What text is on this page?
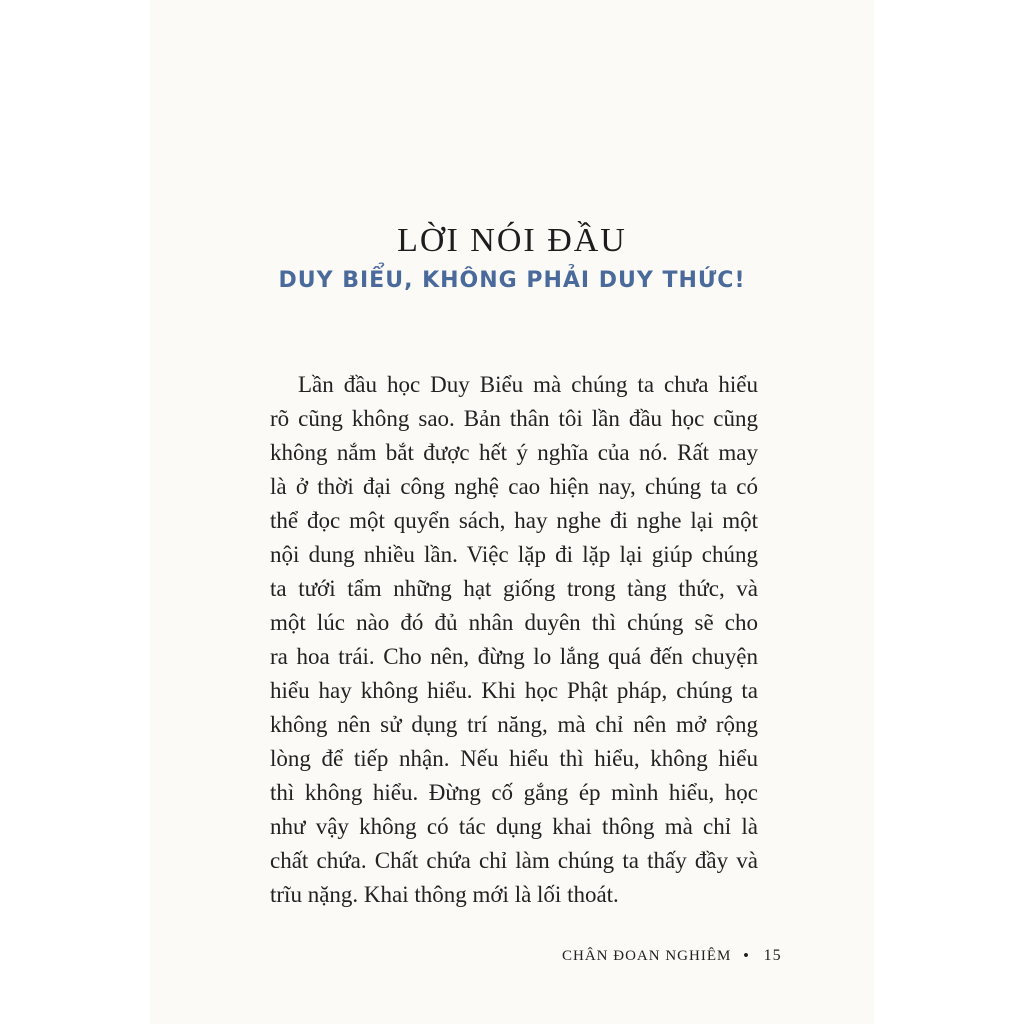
LỜI NÓI ĐẦU
DUY BIỂU, KHÔNG PHẢI DUY THỨC!
Lần đầu học Duy Biểu mà chúng ta chưa hiểu
rõ cũng không sao. Bản thân tôi lần đầu học cũng
không nắm bắt được hết ý nghĩa của nó. Rất may
là ở thời đại công nghệ cao hiện nay, chúng ta có
thể đọc một quyển sách, hay nghe đi nghe lại một
nội dung nhiều lần. Việc lặp đi lặp lại giúp chúng
ta tưới tẩm những hạt giống trong tàng thức, và
một lúc nào đó đủ nhân duyên thì chúng sẽ cho
ra hoa trái. Cho nên, đừng lo lắng quá đến chuyện
hiểu hay không hiểu. Khi học Phật pháp, chúng ta
không nên sử dụng trí năng, mà chỉ nên mở rộng
lòng để tiếp nhận. Nếu hiểu thì hiểu, không hiểu
thì không hiểu. Đừng cố gắng ép mình hiểu, học
như vậy không có tác dụng khai thông mà chỉ là
chất chứa. Chất chứa chỉ làm chúng ta thấy đầy và
trĩu nặng. Khai thông mới là lối thoát.
CHÂN ĐOAN NGHIÊM • 15
